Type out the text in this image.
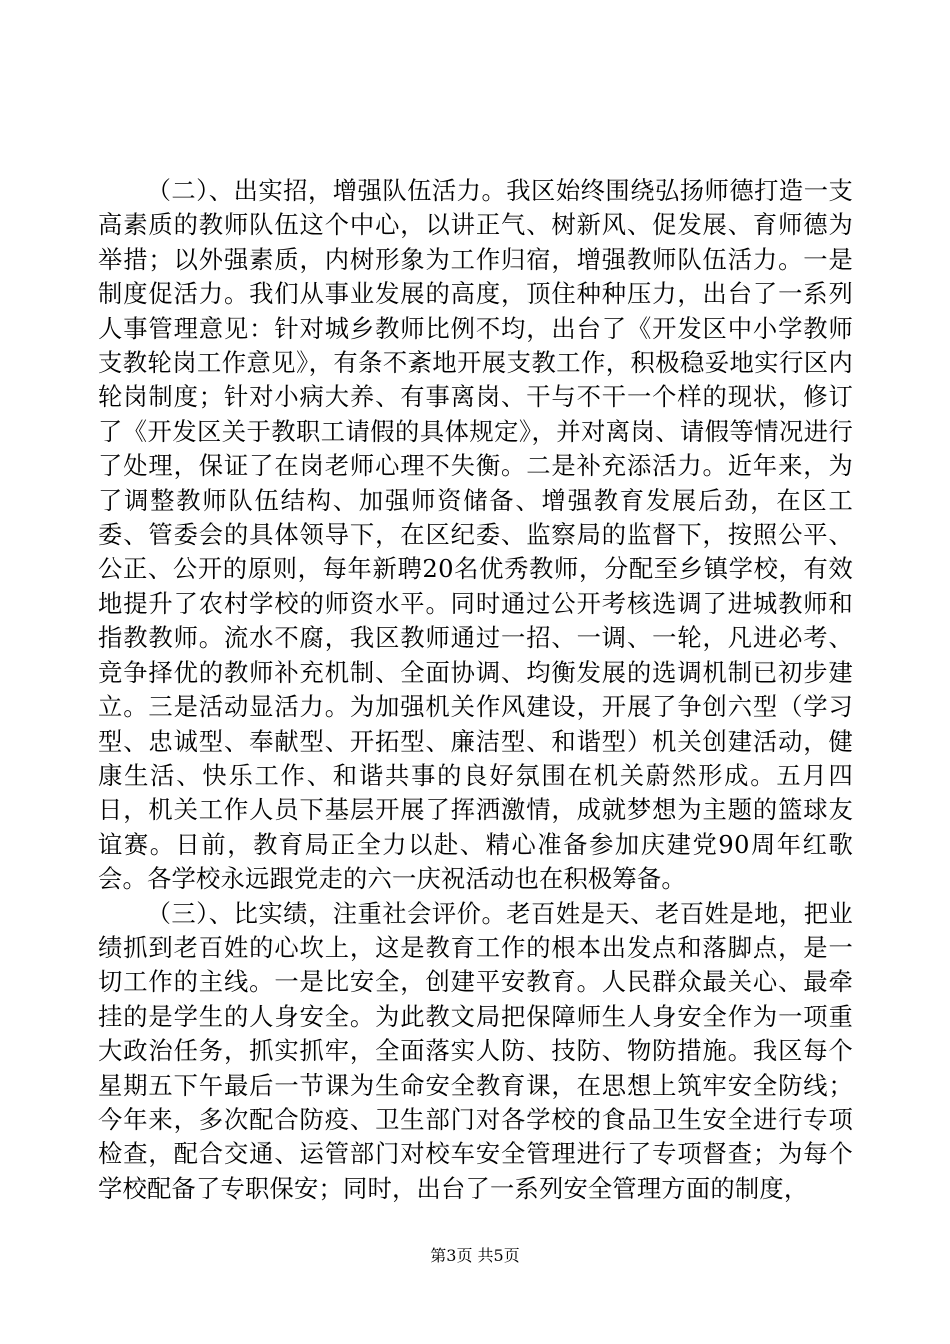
（二）、出实招，增强队伍活力。我区始终围绕弘扬师德打造一支高素质的教师队伍这个中心，以讲正气、树新风、促发展、育师德为举措；以外强素质，内树形象为工作归宿，增强教师队伍活力。一是制度促活力。我们从事业发展的高度，顶住种种压力，出台了一系列人事管理意见：针对城乡教师比例不均，出台了《开发区中小学教师支教轮岗工作意见》，有条不紊地开展支教工作，积极稳妥地实行区内轮岗制度；针对小病大养、有事离岗、干与不干一个样的现状，修订了《开发区关于教职工请假的具体规定》，并对离岗、请假等情况进行了处理，保证了在岗老师心理不失衡。二是补充添活力。近年来，为了调整教师队伍结构、加强师资储备、增强教育发展后劲，在区工委、管委会的具体领导下，在区纪委、监察局的监督下，按照公平、公正、公开的原则，每年新聘20名优秀教师，分配至乡镇学校，有效地提升了农村学校的师资水平。同时通过公开考核选调了进城教师和指教教师。流水不腐，我区教师通过一招、一调、一轮，凡进必考、竞争择优的教师补充机制、全面协调、均衡发展的选调机制已初步建立。三是活动显活力。为加强机关作风建设，开展了争创六型（学习型、忠诚型、奉献型、开拓型、廉洁型、和谐型）机关创建活动，健康生活、快乐工作、和谐共事的良好氛围在机关蔚然形成。五月四日，机关工作人员下基层开展了挥洒激情，成就梦想为主题的篮球友谊赛。日前，教育局正全力以赴、精心准备参加庆建党90周年红歌会。各学校永远跟党走的六一庆祝活动也在积极筹备。

（三）、比实绩，注重社会评价。老百姓是天、老百姓是地，把业绩抓到老百姓的心坎上，这是教育工作的根本出发点和落脚点，是一切工作的主线。一是比安全，创建平安教育。人民群众最关心、最牵挂的是学生的人身安全。为此教文局把保障师生人身安全作为一项重大政治任务，抓实抓牢，全面落实人防、技防、物防措施。我区每个星期五下午最后一节课为生命安全教育课，在思想上筑牢安全防线；今年来，多次配合防疫、卫生部门对各学校的食品卫生安全进行专项检查，配合交通、运管部门对校车安全管理进行了专项督查；为每个学校配备了专职保安；同时，出台了一系列安全管理方面的制度，

第3页 共5页
